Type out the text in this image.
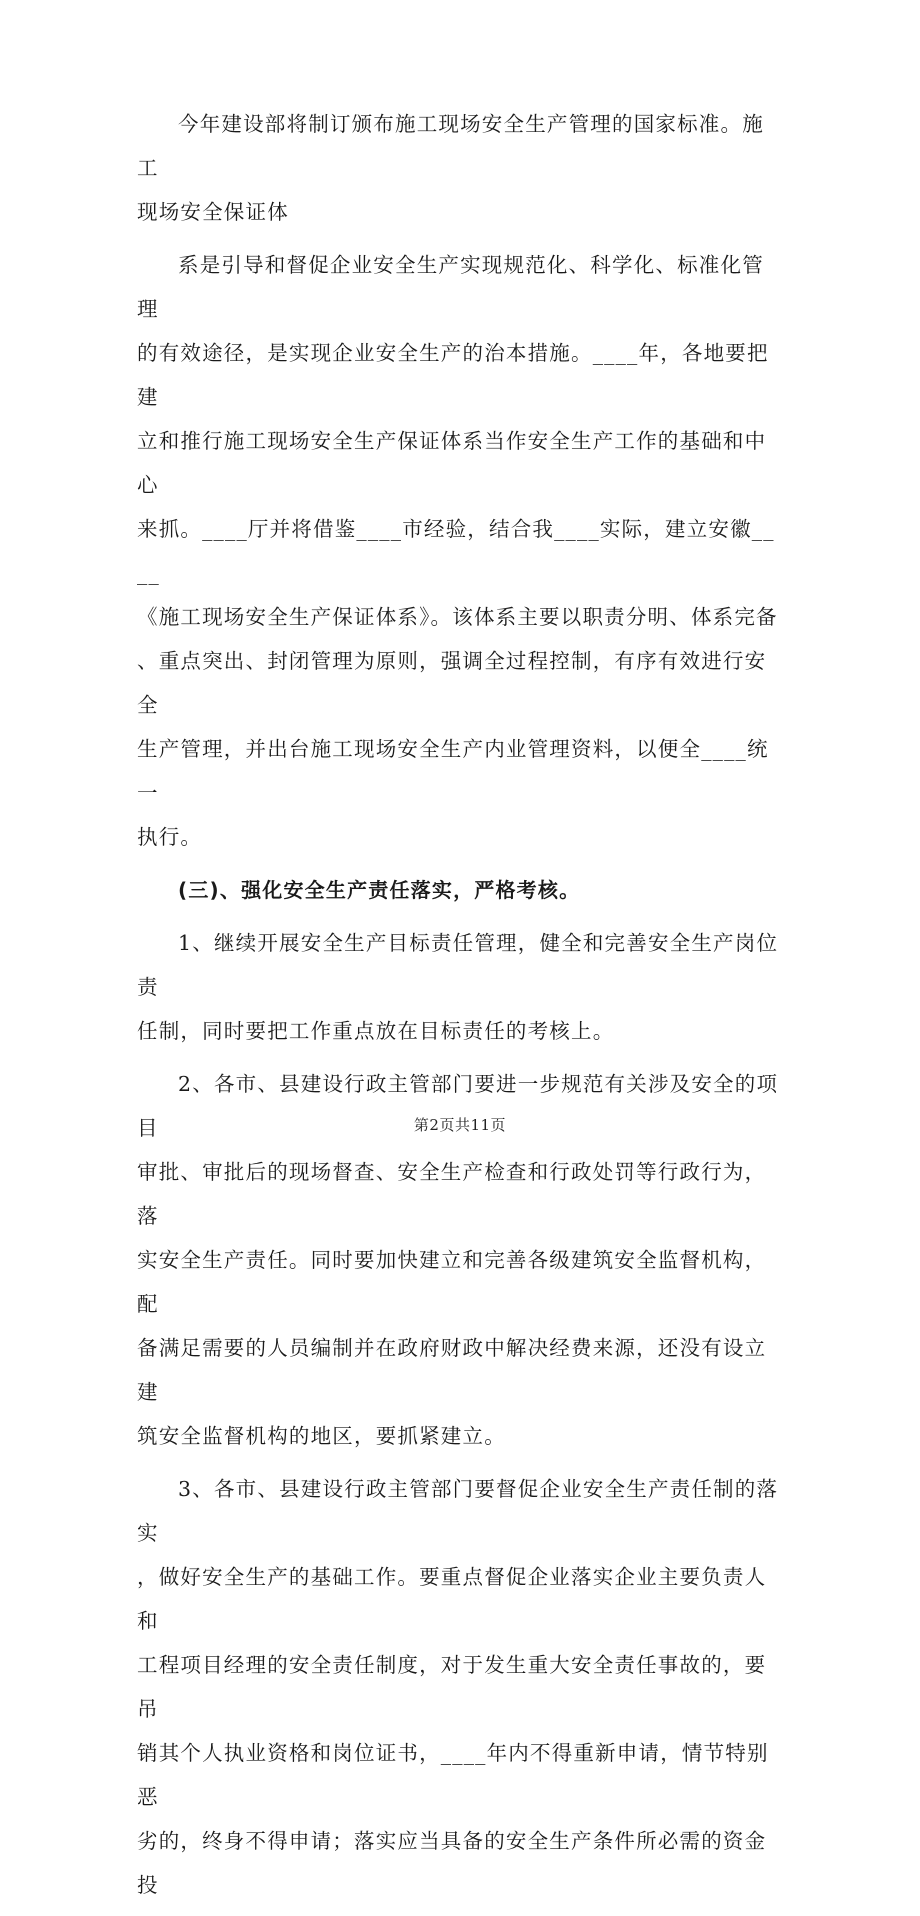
今年建设部将制订颁布施工现场安全生产管理的国家标准。施工
现场安全保证体

系是引导和督促企业安全生产实现规范化、科学化、标准化管理
的有效途径，是实现企业安全生产的治本措施。____年，各地要把建
立和推行施工现场安全生产保证体系当作安全生产工作的基础和中心
来抓。____厅并将借鉴____市经验，结合我____实际，建立安徽____
《施工现场安全生产保证体系》。该体系主要以职责分明、体系完备
、重点突出、封闭管理为原则，强调全过程控制，有序有效进行安全
生产管理，并出台施工现场安全生产内业管理资料，以便全____统一
执行。

(三)、强化安全生产责任落实，严格考核。

1、继续开展安全生产目标责任管理，健全和完善安全生产岗位责
任制，同时要把工作重点放在目标责任的考核上。

2、各市、县建设行政主管部门要进一步规范有关涉及安全的项目
审批、审批后的现场督查、安全生产检查和行政处罚等行政行为，落
实安全生产责任。同时要加快建立和完善各级建筑安全监督机构，配
备满足需要的人员编制并在政府财政中解决经费来源，还没有设立建
筑安全监督机构的地区，要抓紧建立。

3、各市、县建设行政主管部门要督促企业安全生产责任制的落实
，做好安全生产的基础工作。要重点督促企业落实企业主要负责人和
工程项目经理的安全责任制度，对于发生重大安全责任事故的，要吊
销其个人执业资格和岗位证书，____年内不得重新申请，情节特别恶
劣的，终身不得申请；落实应当具备的安全生产条件所必需的资金投

第2页共11页
